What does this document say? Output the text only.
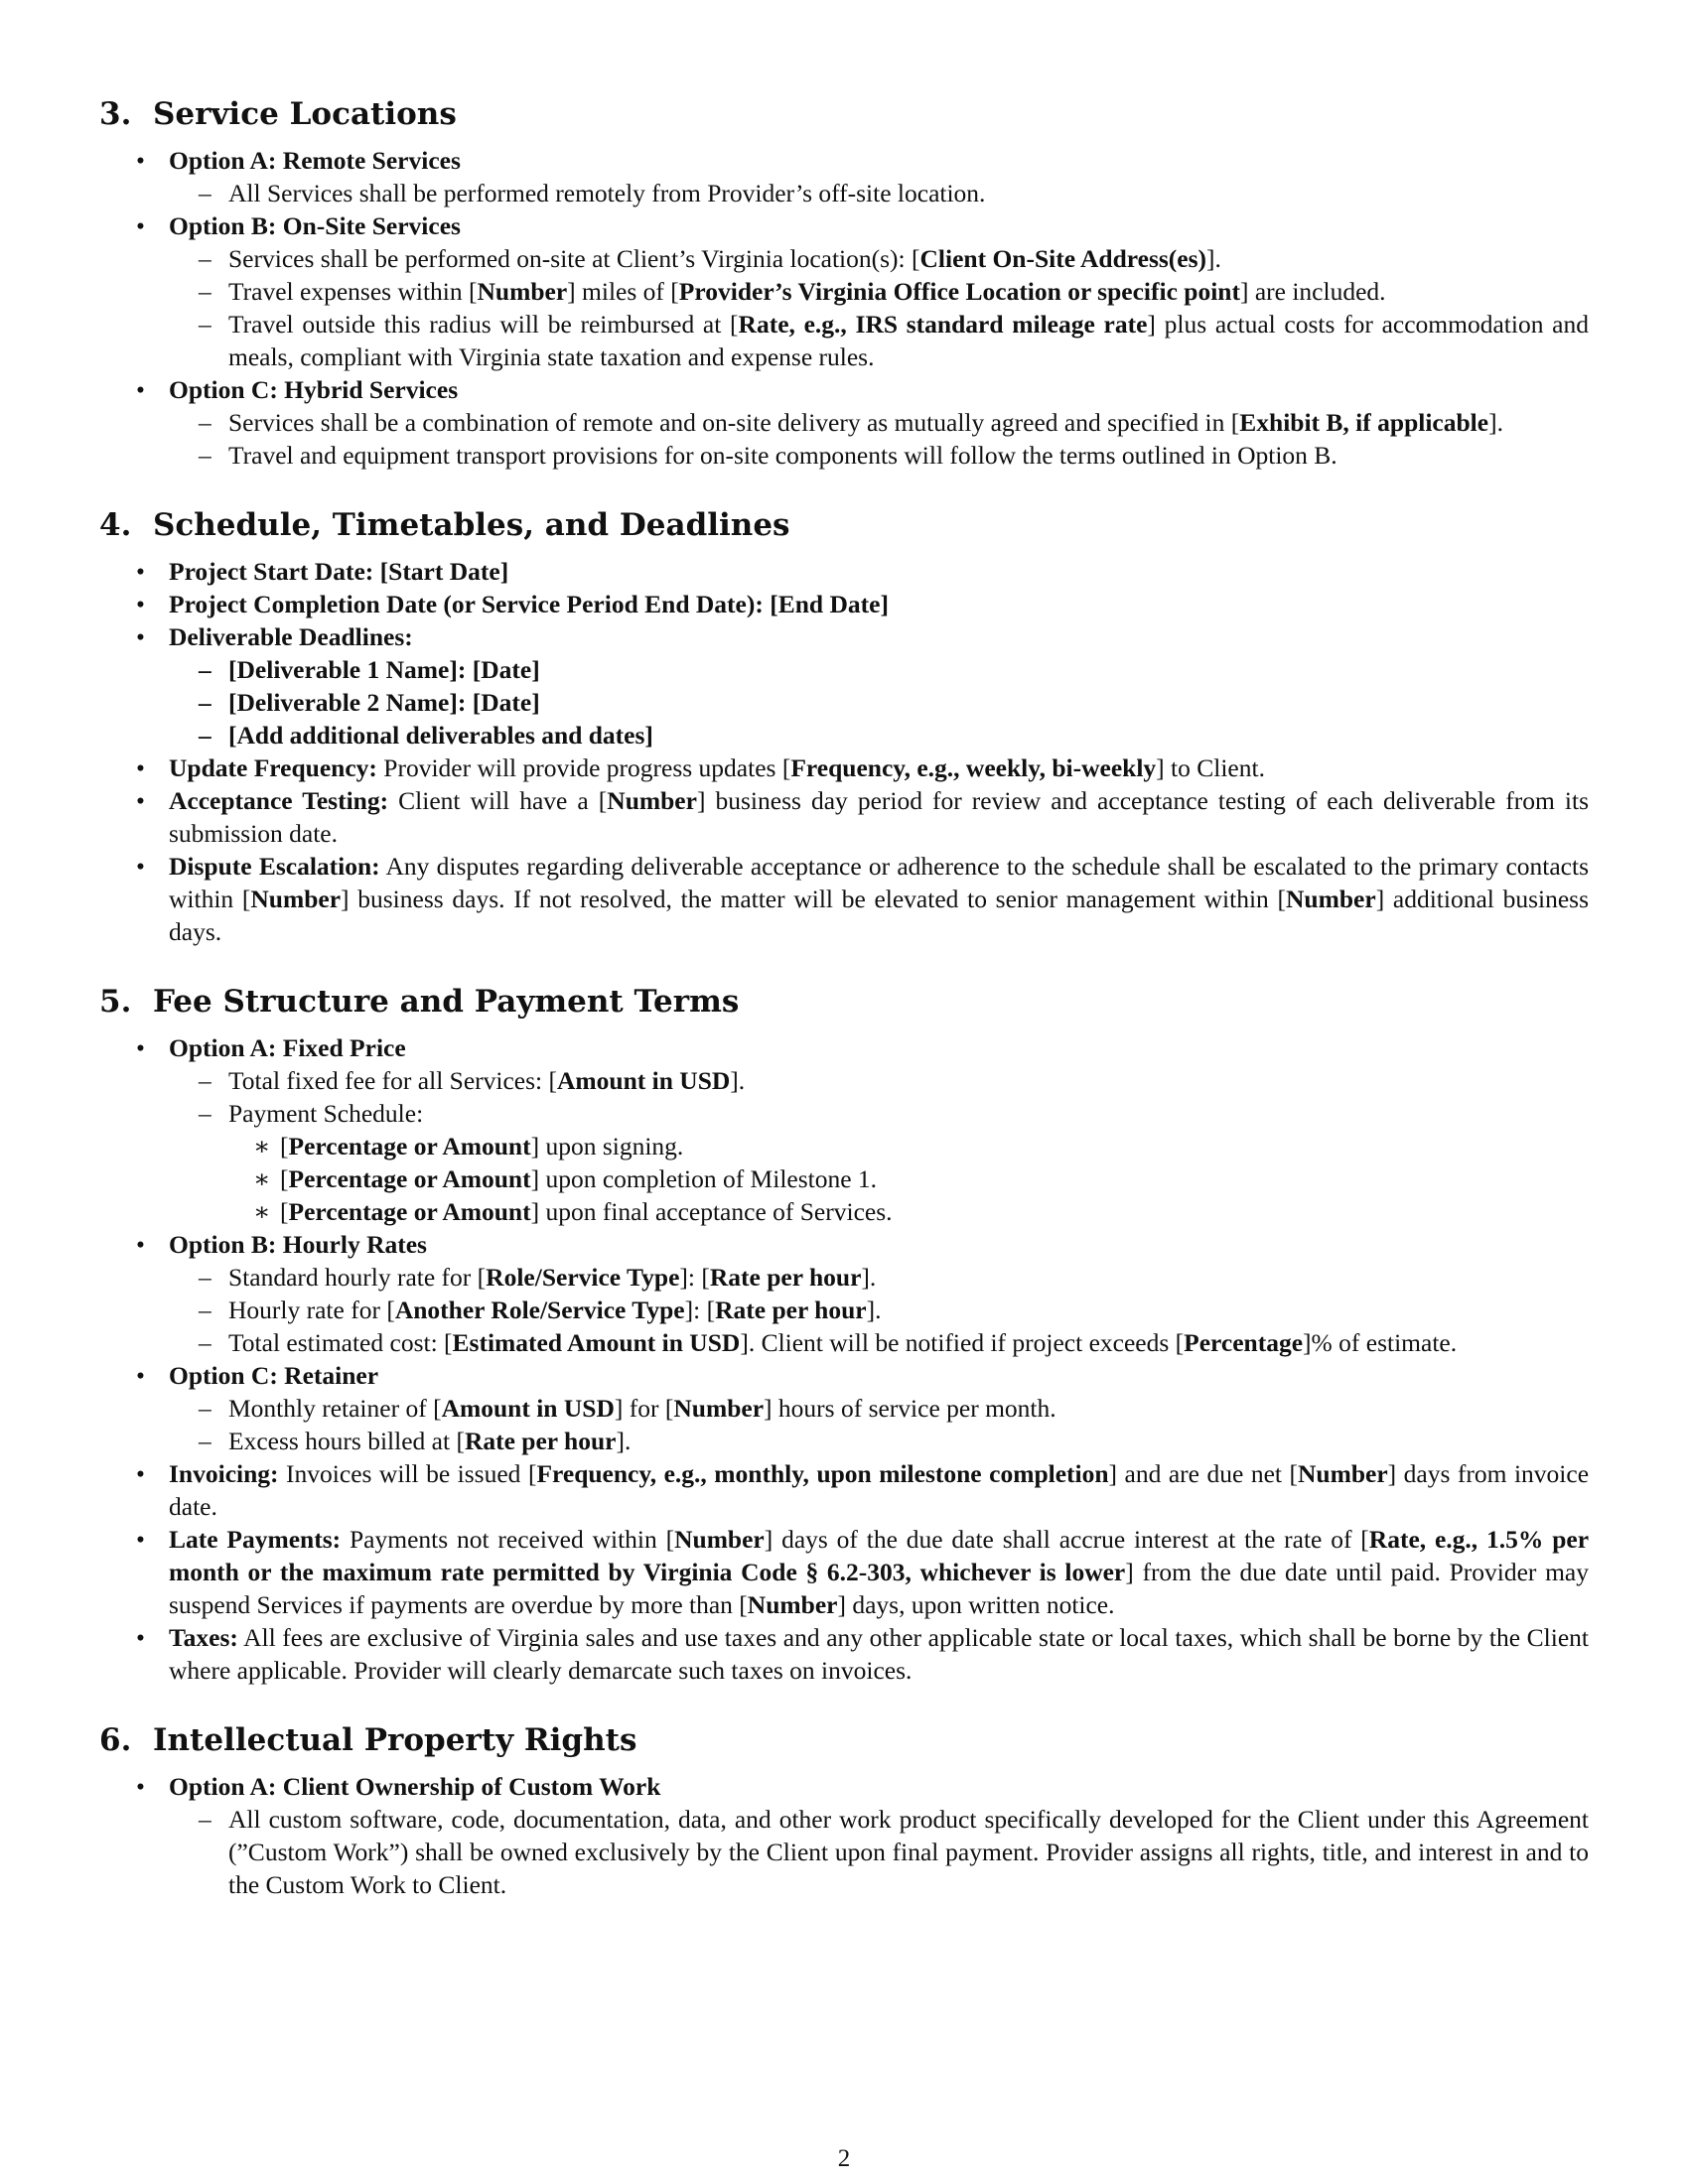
3. Service Locations
• Option A: Remote Services
– All Services shall be performed remotely from Provider’s off-site location.
• Option B: On-Site Services
– Services shall be performed on-site at Client’s Virginia location(s): [Client On-Site Address(es)].
– Travel expenses within [Number] miles of [Provider’s Virginia Office Location or specific point] are included.
– Travel outside this radius will be reimbursed at [Rate, e.g., IRS standard mileage rate] plus actual costs for accommodation and meals, compliant with Virginia state taxation and expense rules.
• Option C: Hybrid Services
– Services shall be a combination of remote and on-site delivery as mutually agreed and specified in [Exhibit B, if applicable].
– Travel and equipment transport provisions for on-site components will follow the terms outlined in Option B.
4. Schedule, Timetables, and Deadlines
• Project Start Date: [Start Date]
• Project Completion Date (or Service Period End Date): [End Date]
• Deliverable Deadlines:
– [Deliverable 1 Name]: [Date]
– [Deliverable 2 Name]: [Date]
– [Add additional deliverables and dates]
• Update Frequency: Provider will provide progress updates [Frequency, e.g., weekly, bi-weekly] to Client.
• Acceptance Testing: Client will have a [Number] business day period for review and acceptance testing of each deliverable from its submission date.
• Dispute Escalation: Any disputes regarding deliverable acceptance or adherence to the schedule shall be escalated to the primary contacts within [Number] business days. If not resolved, the matter will be elevated to senior management within [Number] additional business days.
5. Fee Structure and Payment Terms
• Option A: Fixed Price
– Total fixed fee for all Services: [Amount in USD].
– Payment Schedule:
∗ [Percentage or Amount] upon signing.
∗ [Percentage or Amount] upon completion of Milestone 1.
∗ [Percentage or Amount] upon final acceptance of Services.
• Option B: Hourly Rates
– Standard hourly rate for [Role/Service Type]: [Rate per hour].
– Hourly rate for [Another Role/Service Type]: [Rate per hour].
– Total estimated cost: [Estimated Amount in USD]. Client will be notified if project exceeds [Percentage]% of estimate.
• Option C: Retainer
– Monthly retainer of [Amount in USD] for [Number] hours of service per month.
– Excess hours billed at [Rate per hour].
• Invoicing: Invoices will be issued [Frequency, e.g., monthly, upon milestone completion] and are due net [Number] days from invoice date.
• Late Payments: Payments not received within [Number] days of the due date shall accrue interest at the rate of [Rate, e.g., 1.5% per month or the maximum rate permitted by Virginia Code § 6.2-303, whichever is lower] from the due date until paid. Provider may suspend Services if payments are overdue by more than [Number] days, upon written notice.
• Taxes: All fees are exclusive of Virginia sales and use taxes and any other applicable state or local taxes, which shall be borne by the Client where applicable. Provider will clearly demarcate such taxes on invoices.
6. Intellectual Property Rights
• Option A: Client Ownership of Custom Work
– All custom software, code, documentation, data, and other work product specifically developed for the Client under this Agreement (”Custom Work”) shall be owned exclusively by the Client upon final payment. Provider assigns all rights, title, and interest in and to the Custom Work to Client.
2
